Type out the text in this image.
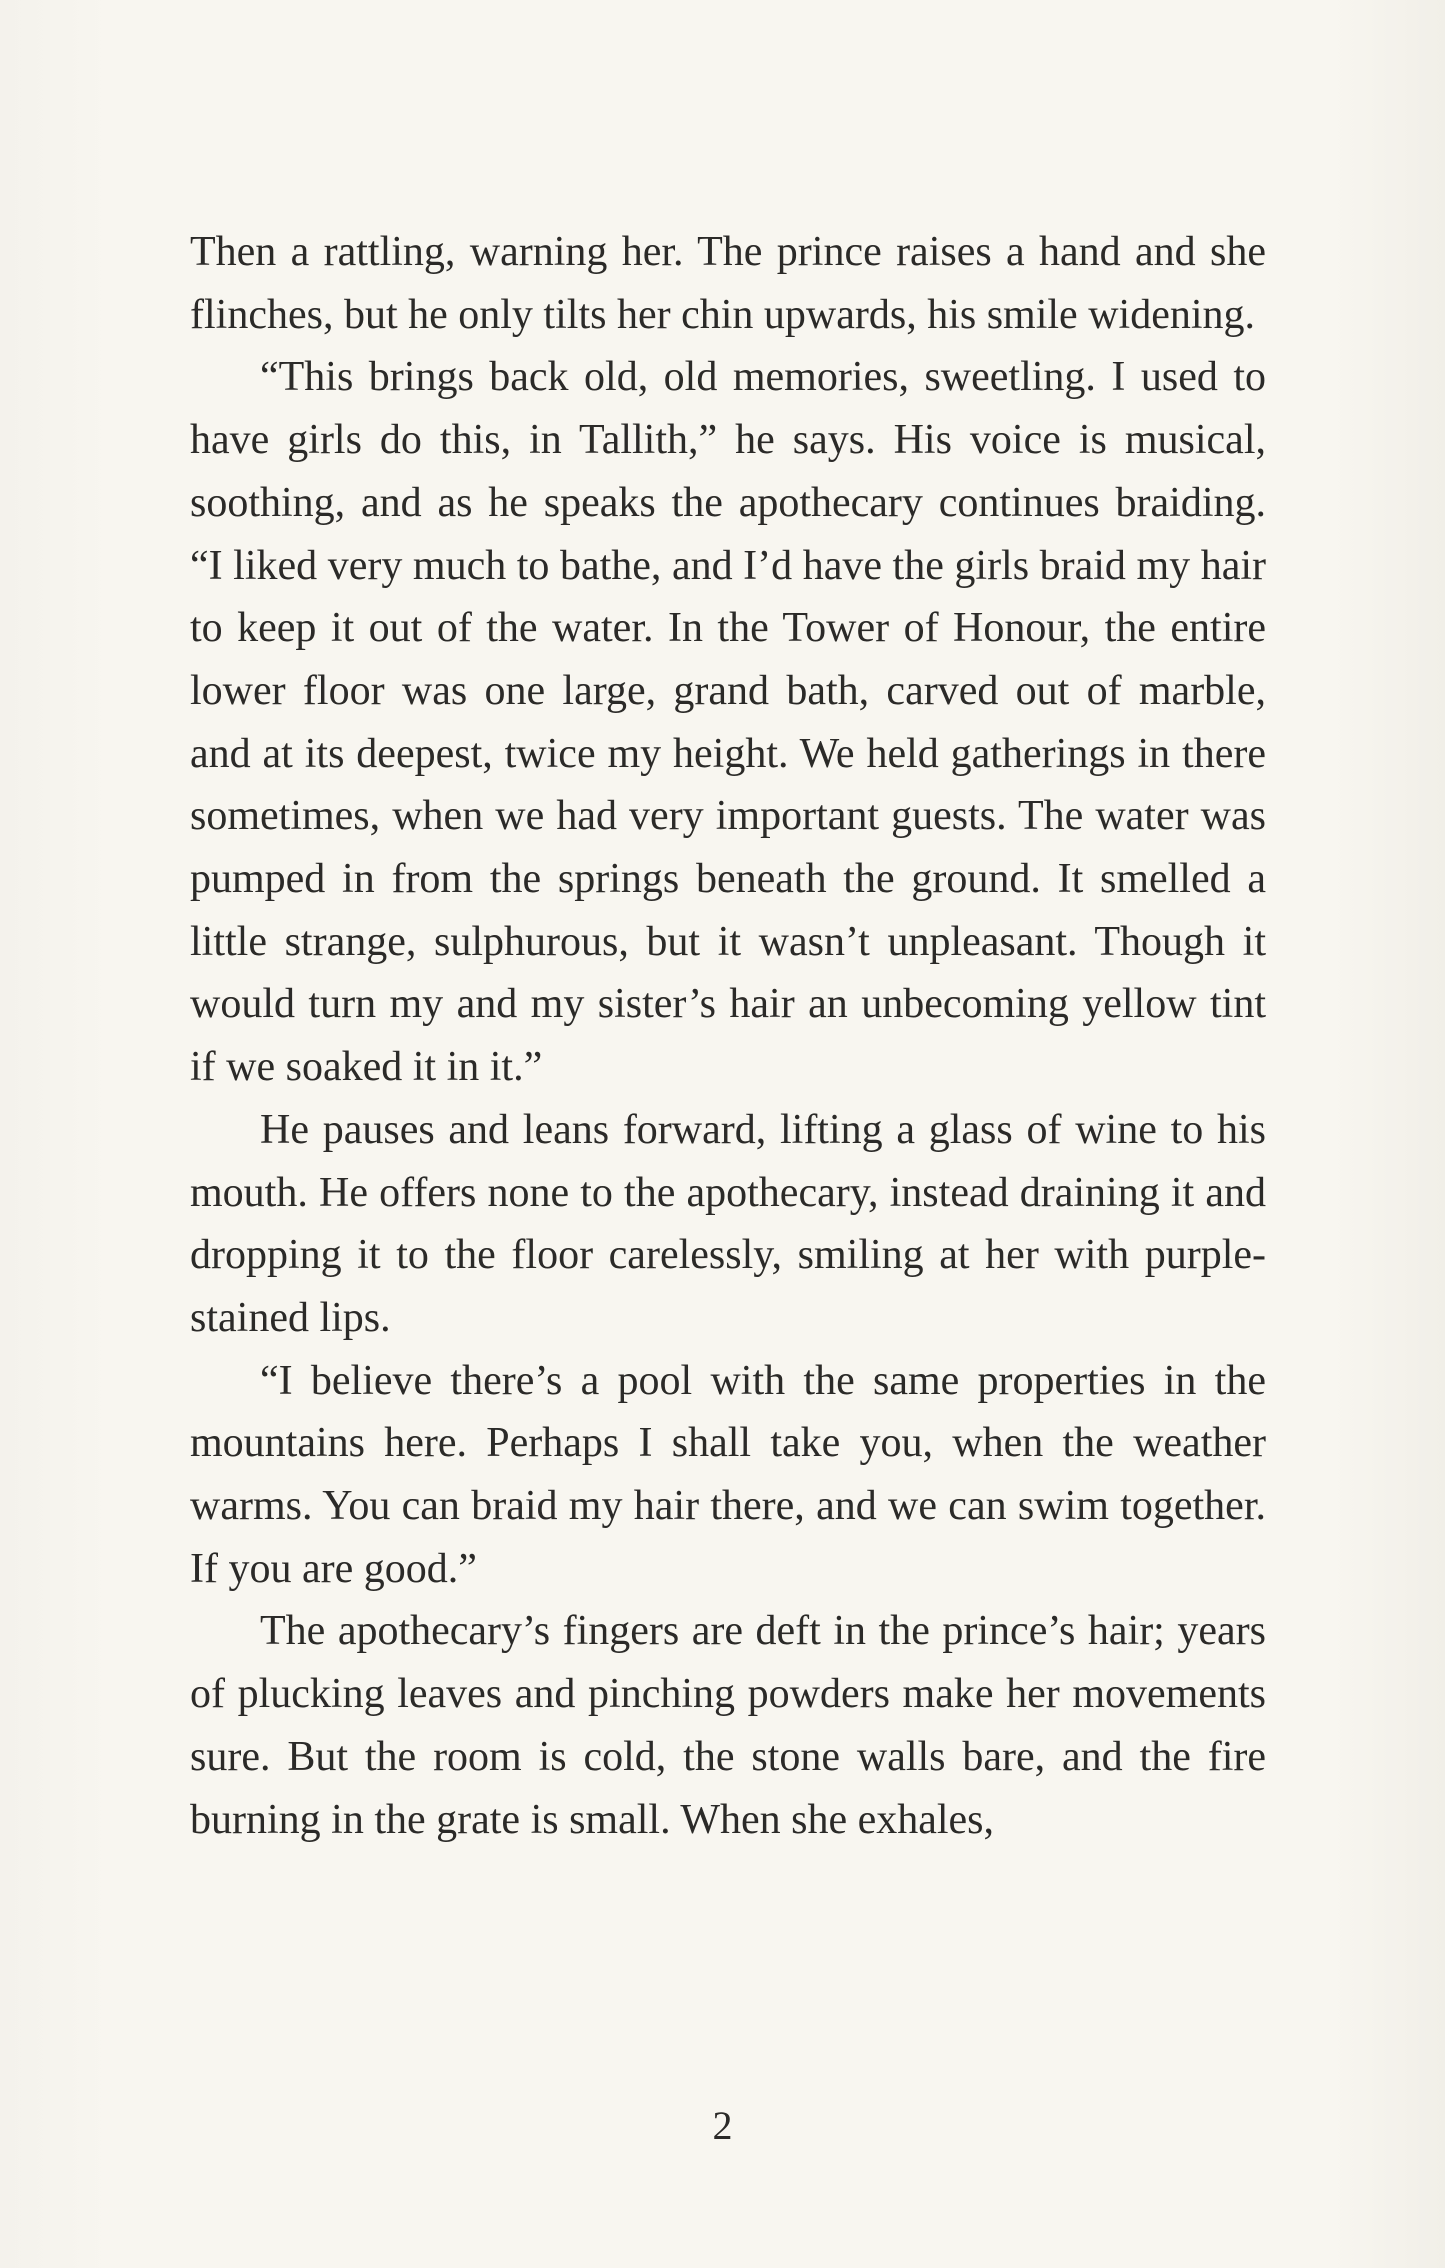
Then a rattling, warning her. The prince raises a hand and she flinches, but he only tilts her chin upwards, his smile widening.

“This brings back old, old memories, sweetling. I used to have girls do this, in Tallith,” he says. His voice is musical, soothing, and as he speaks the apothecary continues braiding. “I liked very much to bathe, and I’d have the girls braid my hair to keep it out of the water. In the Tower of Honour, the entire lower floor was one large, grand bath, carved out of marble, and at its deepest, twice my height. We held gatherings in there sometimes, when we had very important guests. The water was pumped in from the springs beneath the ground. It smelled a little strange, sulphurous, but it wasn’t unpleasant. Though it would turn my and my sister’s hair an unbecoming yellow tint if we soaked it in it.”

He pauses and leans forward, lifting a glass of wine to his mouth. He offers none to the apothecary, instead draining it and dropping it to the floor carelessly, smiling at her with purple-stained lips.

“I believe there’s a pool with the same properties in the mountains here. Perhaps I shall take you, when the weather warms. You can braid my hair there, and we can swim together. If you are good.”

The apothecary’s fingers are deft in the prince’s hair; years of plucking leaves and pinching powders make her movements sure. But the room is cold, the stone walls bare, and the fire burning in the grate is small. When she exhales,

2
